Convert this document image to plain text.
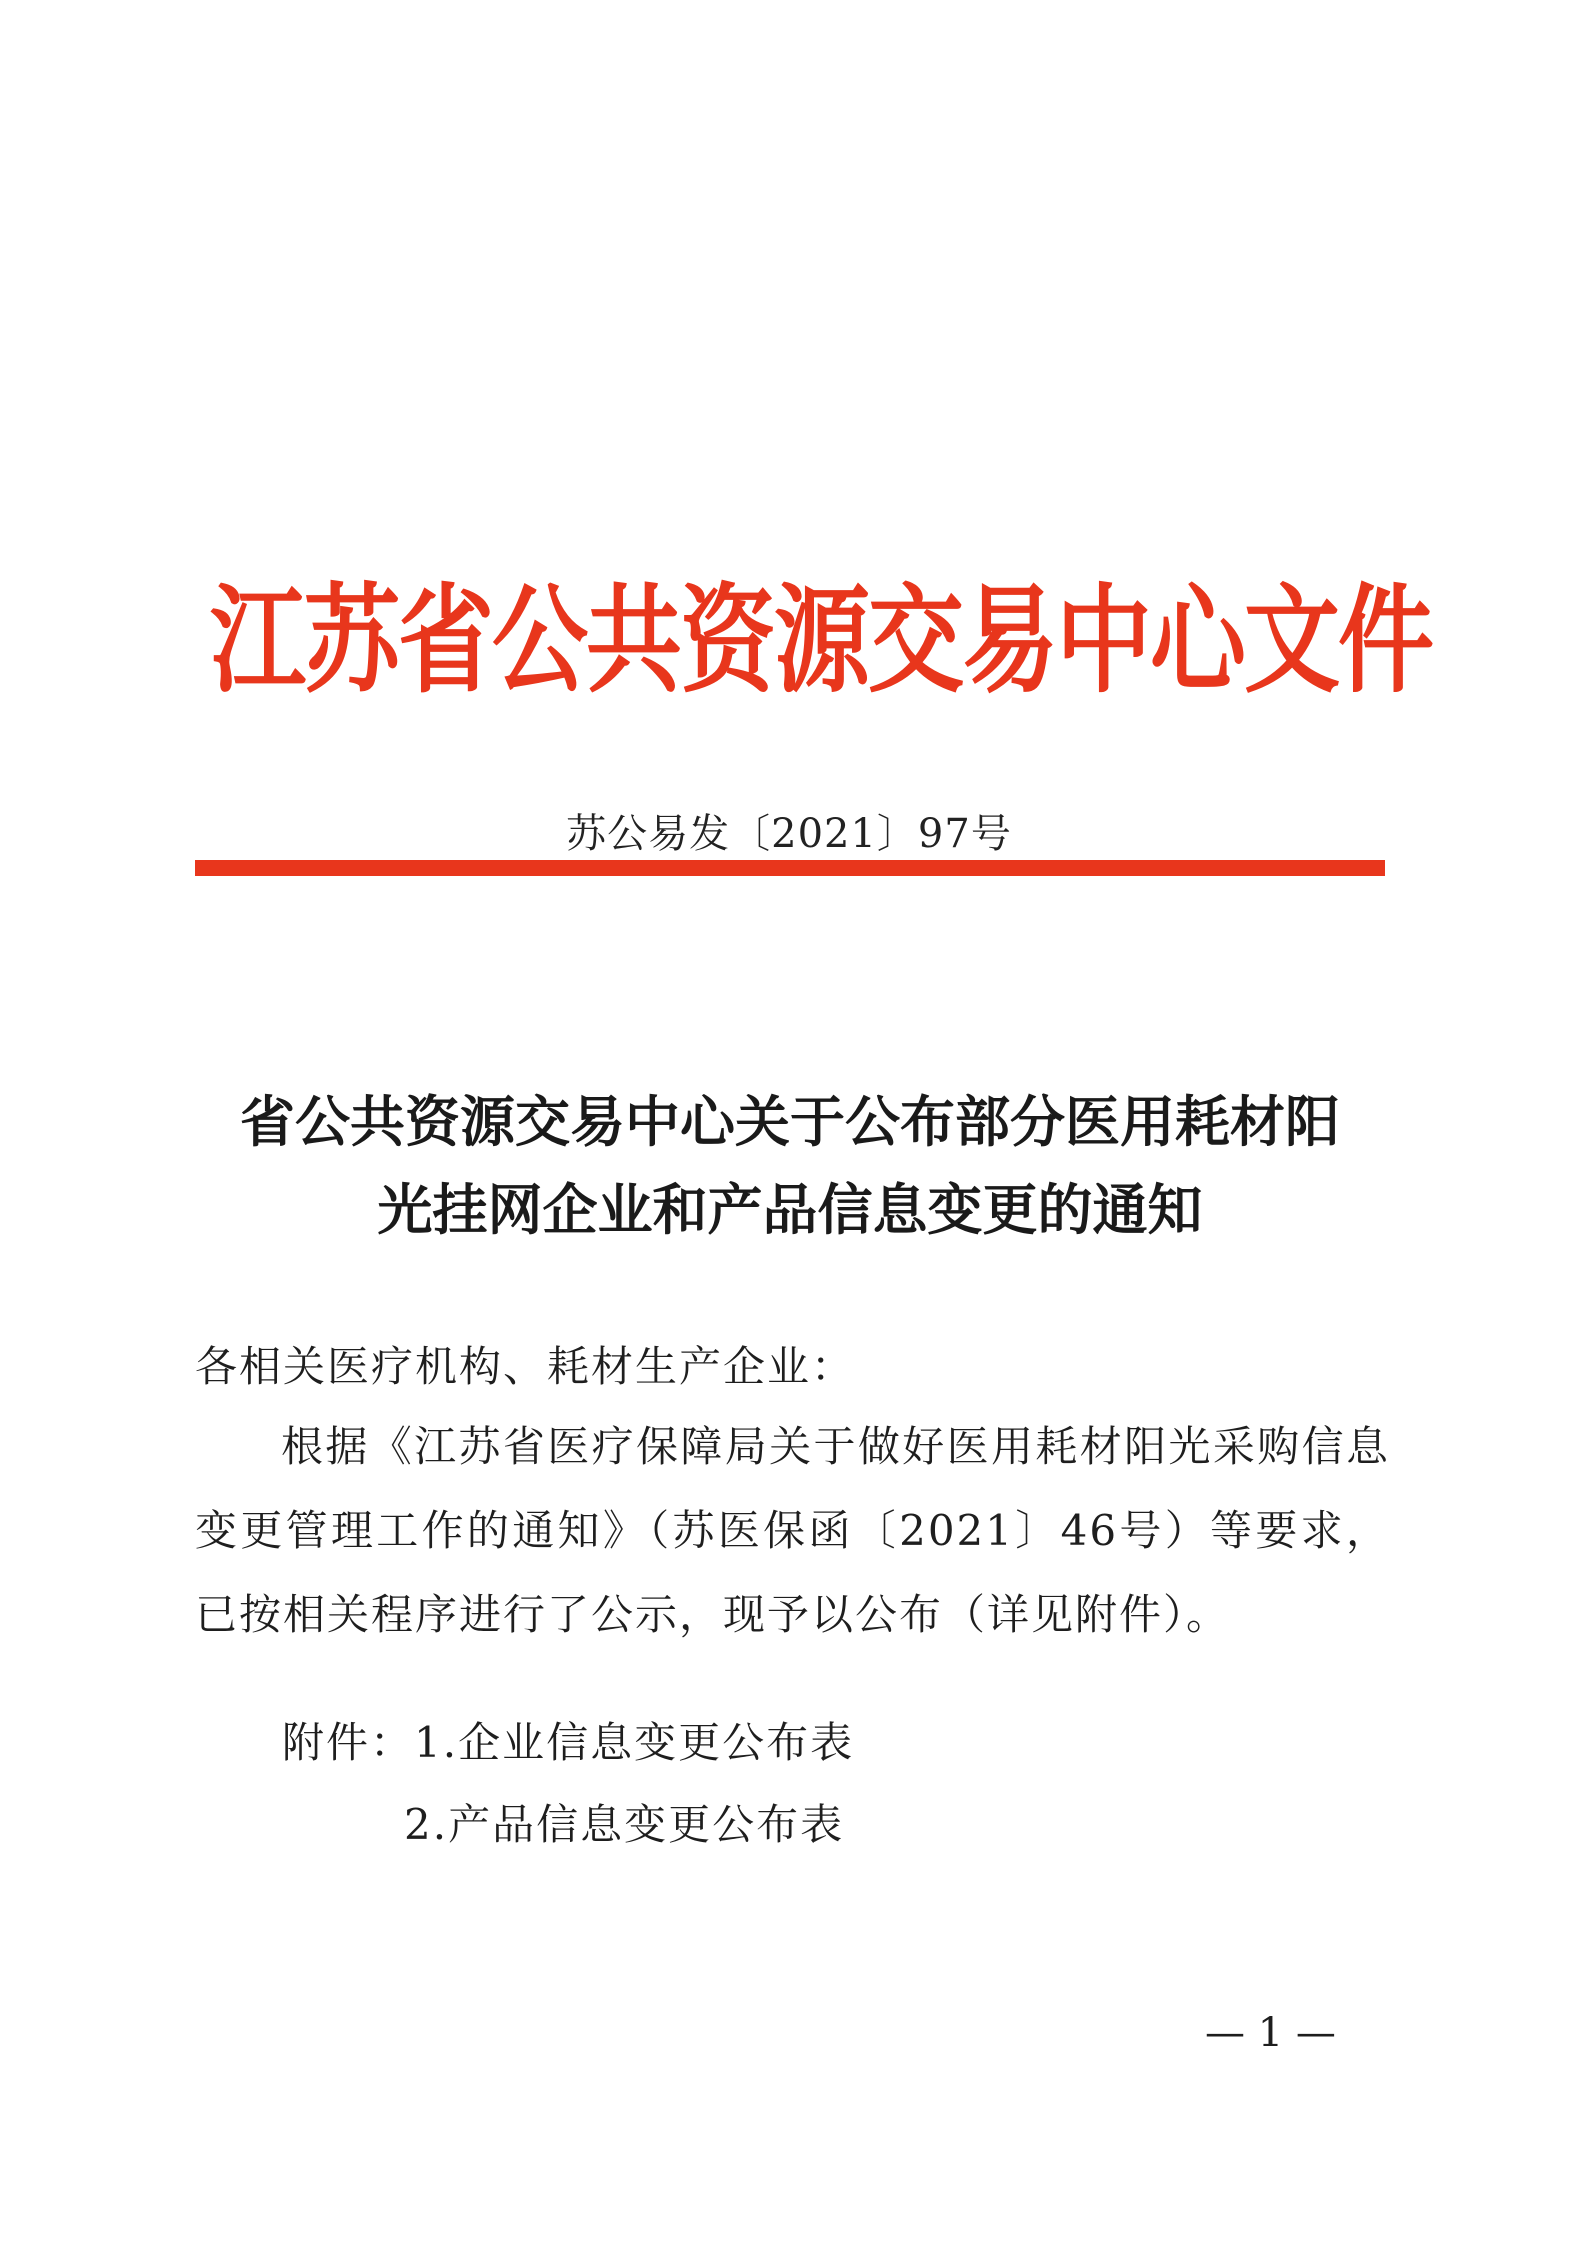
江苏省公共资源交易中心文件
苏公易发〔2021〕97号
省公共资源交易中心关于公布部分医用耗材阳
光挂网企业和产品信息变更的通知
各相关医疗机构、耗材生产企业：
根据《江苏省医疗保障局关于做好医用耗材阳光采购信息变更管理工作的通知》（苏医保函〔2021〕46号）等要求，已按相关程序进行了公示，现予以公布（详见附件）。
附件：1.企业信息变更公布表
2.产品信息变更公布表
— 1 —
